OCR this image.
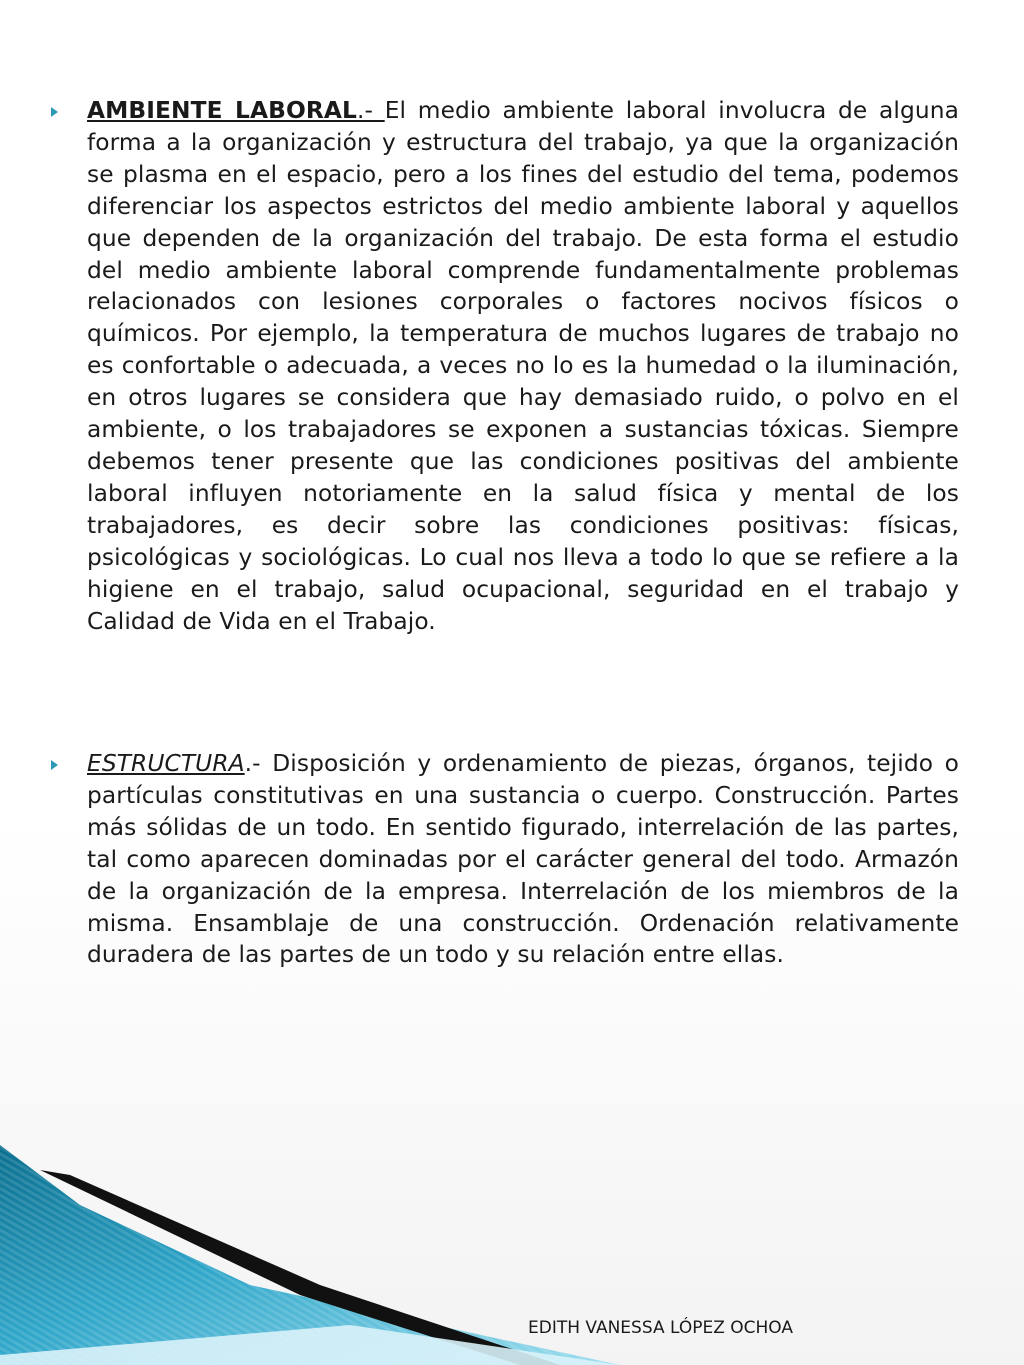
AMBIENTE LABORAL.- El medio ambiente laboral involucra de alguna forma a la organización y estructura del trabajo, ya que la organización se plasma en el espacio, pero a los fines del estudio del tema, podemos diferenciar los aspectos estrictos del medio ambiente laboral y aquellos que dependen de la organización del trabajo. De esta forma el estudio del medio ambiente laboral comprende fundamentalmente problemas relacionados con lesiones corporales o factores nocivos físicos o químicos. Por ejemplo, la temperatura de muchos lugares de trabajo no es confortable o adecuada, a veces no lo es la humedad o la iluminación, en otros lugares se considera que hay demasiado ruido, o polvo en el ambiente, o los trabajadores se exponen a sustancias tóxicas. Siempre debemos tener presente que las condiciones positivas del ambiente laboral influyen notoriamente en la salud física y mental de los trabajadores, es decir sobre las condiciones positivas: físicas, psicológicas y sociológicas. Lo cual nos lleva a todo lo que se refiere a la higiene en el trabajo, salud ocupacional, seguridad en el trabajo y Calidad de Vida en el Trabajo.
ESTRUCTURA.- Disposición y ordenamiento de piezas, órganos, tejido o partículas constitutivas en una sustancia o cuerpo. Construcción. Partes más sólidas de un todo. En sentido figurado, interrelación de las partes, tal como aparecen dominadas por el carácter general del todo. Armazón de la organización de la empresa. Interrelación de los miembros de la misma. Ensamblaje de una construcción. Ordenación relativamente duradera de las partes de un todo y su relación entre ellas.
EDITH VANESSA LÓPEZ OCHOA
